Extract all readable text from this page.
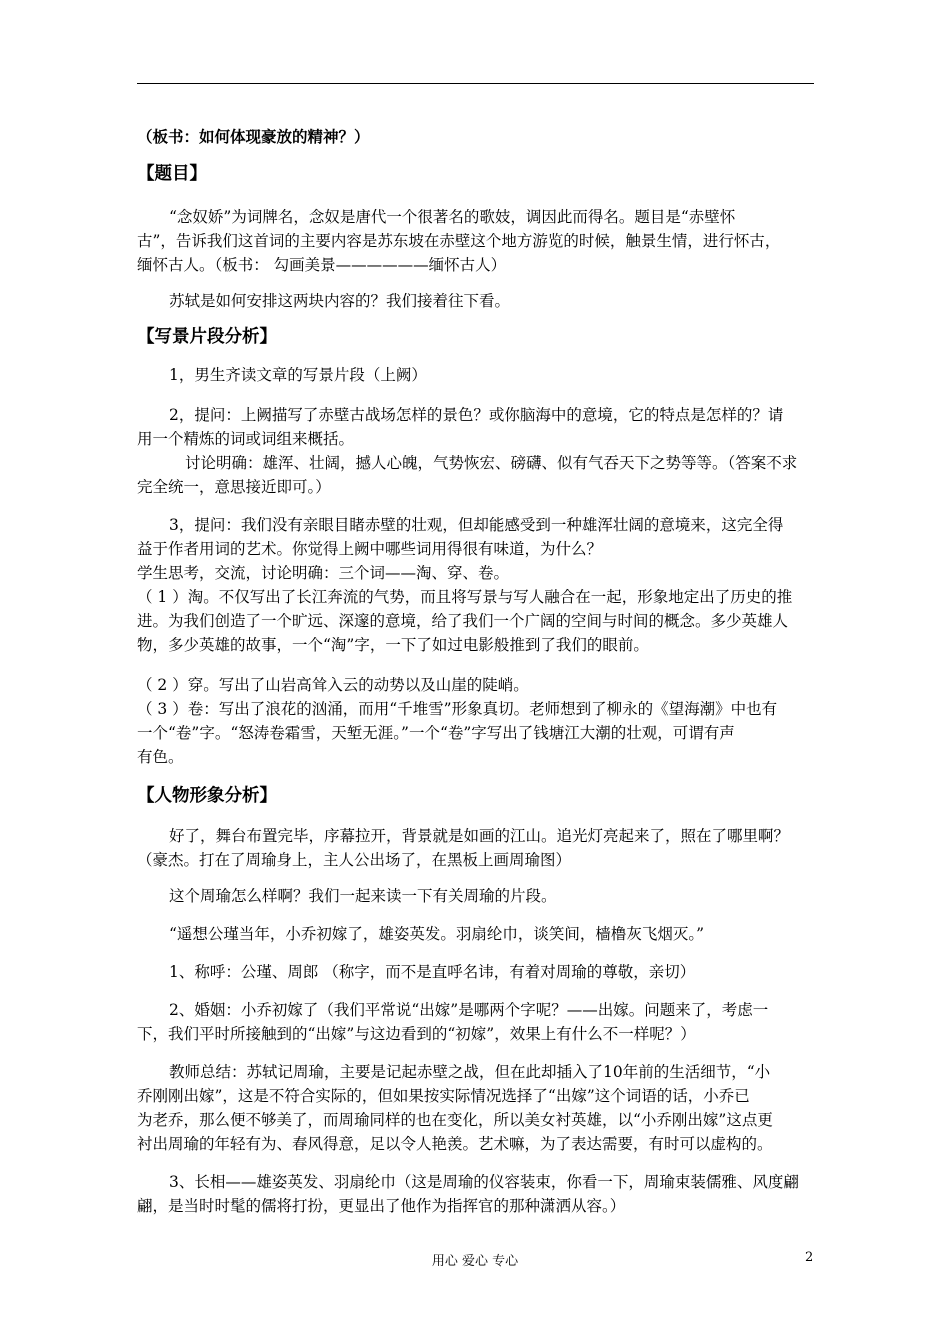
（板书：如何体现豪放的精神？）
【题目】
“念奴娇”为词牌名，念奴是唐代一个很著名的歌妓，调因此而得名。题目是“赤壁怀
古”，告诉我们这首词的主要内容是苏东坡在赤壁这个地方游览的时候，触景生情，进行怀古，
缅怀古人。（板书： 勾画美景——————缅怀古人）
苏轼是如何安排这两块内容的？我们接着往下看。
【写景片段分析】
1，男生齐读文章的写景片段（上阙）
2，提问：上阙描写了赤壁古战场怎样的景色？或你脑海中的意境，它的特点是怎样的？请
用一个精炼的词或词组来概括。
讨论明确：雄浑、壮阔，撼人心魄，气势恢宏、磅礴、似有气吞天下之势等等。（答案不求
完全统一，意思接近即可。）
3，提问：我们没有亲眼目睹赤壁的壮观，但却能感受到一种雄浑壮阔的意境来，这完全得
益于作者用词的艺术。你觉得上阙中哪些词用得很有味道，为什么？
学生思考，交流，讨论明确：三个词——淘、穿、卷。
（ 1 ）淘。不仅写出了长江奔流的气势，而且将写景与写人融合在一起，形象地定出了历史的推
进。为我们创造了一个旷远、深邃的意境，给了我们一个广阔的空间与时间的概念。多少英雄人
物，多少英雄的故事，一个“淘”字，一下了如过电影般推到了我们的眼前。
（ 2 ）穿。写出了山岩高耸入云的动势以及山崖的陡峭。
（ 3 ）卷：写出了浪花的汹涌，而用“千堆雪”形象真切。老师想到了柳永的《望海潮》中也有
一个“卷”字。“怒涛卷霜雪，天堑无涯。”一个“卷”字写出了钱塘江大潮的壮观，可谓有声
有色。
【人物形象分析】
好了，舞台布置完毕，序幕拉开，背景就是如画的江山。追光灯亮起来了，照在了哪里啊？
（豪杰。打在了周瑜身上，主人公出场了，在黑板上画周瑜图）
这个周瑜怎么样啊？我们一起来读一下有关周瑜的片段。
“遥想公瑾当年，小乔初嫁了，雄姿英发。羽扇纶巾，谈笑间，樯橹灰飞烟灭。”
1、称呼：公瑾、周郎 （称字，而不是直呼名讳，有着对周瑜的尊敬，亲切）
2、婚姻：小乔初嫁了（我们平常说“出嫁”是哪两个字呢？——出嫁。问题来了，考虑一
下，我们平时所接触到的“出嫁”与这边看到的“初嫁”，效果上有什么不一样呢？）
教师总结：苏轼记周瑜，主要是记起赤壁之战，但在此却插入了10年前的生活细节，“小
乔刚刚出嫁”，这是不符合实际的，但如果按实际情况选择了“出嫁”这个词语的话，小乔已
为老乔，那么便不够美了，而周瑜同样的也在变化，所以美女衬英雄，以“小乔刚出嫁”这点更
衬出周瑜的年轻有为、春风得意，足以令人艳羡。艺术嘛，为了表达需要，有时可以虚构的。
3、长相——雄姿英发、羽扇纶巾（这是周瑜的仪容装束，你看一下，周瑜束装儒雅、风度翩
翩，是当时时髦的儒将打扮，更显出了他作为指挥官的那种潇洒从容。）
用心 爱心 专心	2
